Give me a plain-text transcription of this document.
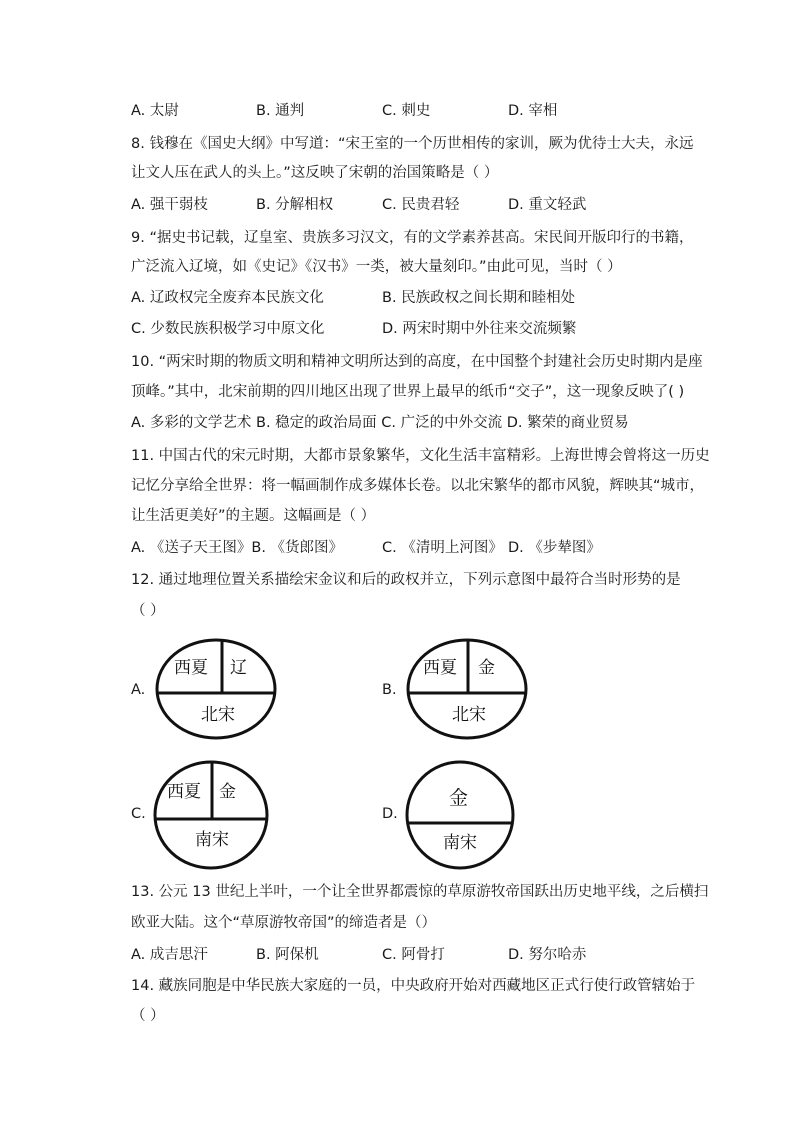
A. 太尉	B. 通判	C. 刺史	D. 宰相
8. 钱穆在《国史大纲》中写道：“宋王室的一个历世相传的家训，厥为优待士大夫，永远
让文人压在武人的头上。”这反映了宋朝的治国策略是（ ）
A. 强干弱枝	B. 分解相权	C. 民贵君轻	D. 重文轻武
9. “据史书记载，辽皇室、贵族多习汉文，有的文学素养甚高。宋民间开版印行的书籍，
广泛流入辽境，如《史记》《汉书》一类，被大量刻印。”由此可见，当时（ ）
A. 辽政权完全废弃本民族文化	B. 民族政权之间长期和睦相处
C. 少数民族积极学习中原文化	D. 两宋时期中外往来交流频繁
10. “两宋时期的物质文明和精神文明所达到的高度，在中国整个封建社会历史时期内是座
顶峰。”其中，北宋前期的四川地区出现了世界上最早的纸币“交子”，这一现象反映了( )
A. 多彩的文学艺术 B. 稳定的政治局面 C. 广泛的中外交流 D. 繁荣的商业贸易
11. 中国古代的宋元时期，大都市景象繁华，文化生活丰富精彩。上海世博会曾将这一历史
记忆分享给全世界：将一幅画制作成多媒体长卷。以北宋繁华的都市风貌，辉映其“城市，
让生活更美好”的主题。这幅画是（ ）
A. 《送子天王图》B. 《货郎图》	C. 《清明上河图》 D. 《步辇图》
12. 通过地理位置关系描绘宋金议和后的政权并立，下列示意图中最符合当时形势的是
（ ）
A.
西夏 辽
北宋
B.
西夏 金
北宋
C.
西夏 金
南宋
D.
金
南宋
13. 公元 13 世纪上半叶，一个让全世界都震惊的草原游牧帝国跃出历史地平线，之后横扫
欧亚大陆。这个“草原游牧帝国”的缔造者是（）
A. 成吉思汗	B. 阿保机	C. 阿骨打	D. 努尔哈赤
14. 藏族同胞是中华民族大家庭的一员，中央政府开始对西藏地区正式行使行政管辖始于
（ ）
